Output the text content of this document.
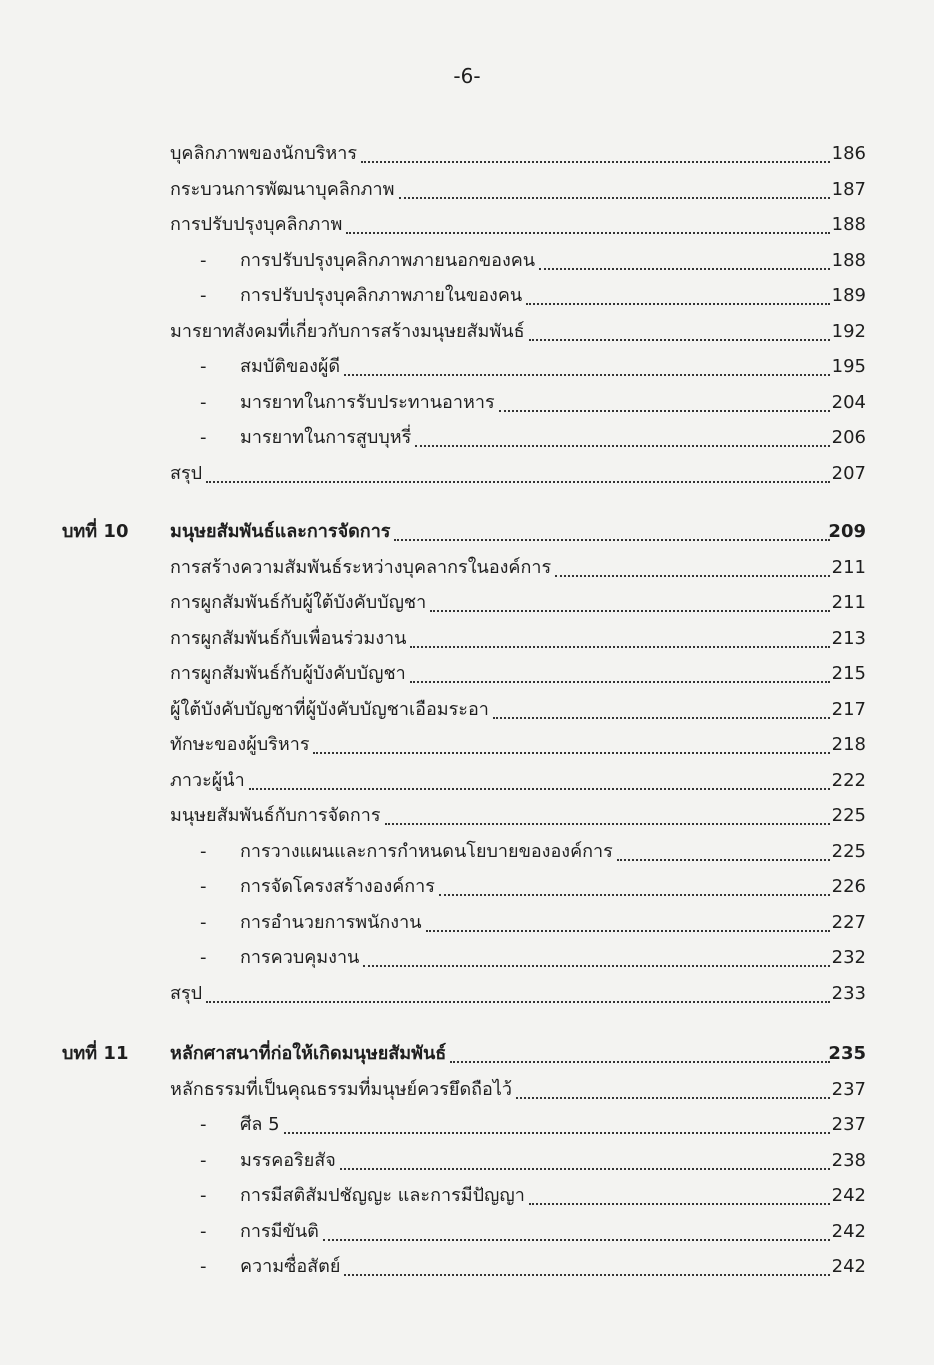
-6-
บุคลิกภาพของนักบริหาร	186
กระบวนการพัฒนาบุคลิกภาพ	187
การปรับปรุงบุคลิกภาพ	188
-	การปรับปรุงบุคลิกภาพภายนอกของคน	188
-	การปรับปรุงบุคลิกภาพภายในของคน	189
มารยาทสังคมที่เกี่ยวกับการสร้างมนุษยสัมพันธ์	192
-	สมบัติของผู้ดี	195
-	มารยาทในการรับประทานอาหาร	204
-	มารยาทในการสูบบุหรี่	206
สรุป	207
บทที่ 10	มนุษยสัมพันธ์และการจัดการ	209
การสร้างความสัมพันธ์ระหว่างบุคลากรในองค์การ	211
การผูกสัมพันธ์กับผู้ใต้บังคับบัญชา	211
การผูกสัมพันธ์กับเพื่อนร่วมงาน	213
การผูกสัมพันธ์กับผู้บังคับบัญชา	215
ผู้ใต้บังคับบัญชาที่ผู้บังคับบัญชาเอือมระอา	217
ทักษะของผู้บริหาร	218
ภาวะผู้นำ	222
มนุษยสัมพันธ์กับการจัดการ	225
-	การวางแผนและการกำหนดนโยบายขององค์การ	225
-	การจัดโครงสร้างองค์การ	226
-	การอำนวยการพนักงาน	227
-	การควบคุมงาน	232
สรุป	233
บทที่ 11	หลักศาสนาที่ก่อให้เกิดมนุษยสัมพันธ์	235
หลักธรรมที่เป็นคุณธรรมที่มนุษย์ควรยึดถือไว้	237
-	ศีล 5	237
-	มรรคอริยสัจ	238
-	การมีสติสัมปชัญญะ และการมีปัญญา	242
-	การมีขันติ	242
-	ความซื่อสัตย์	242
